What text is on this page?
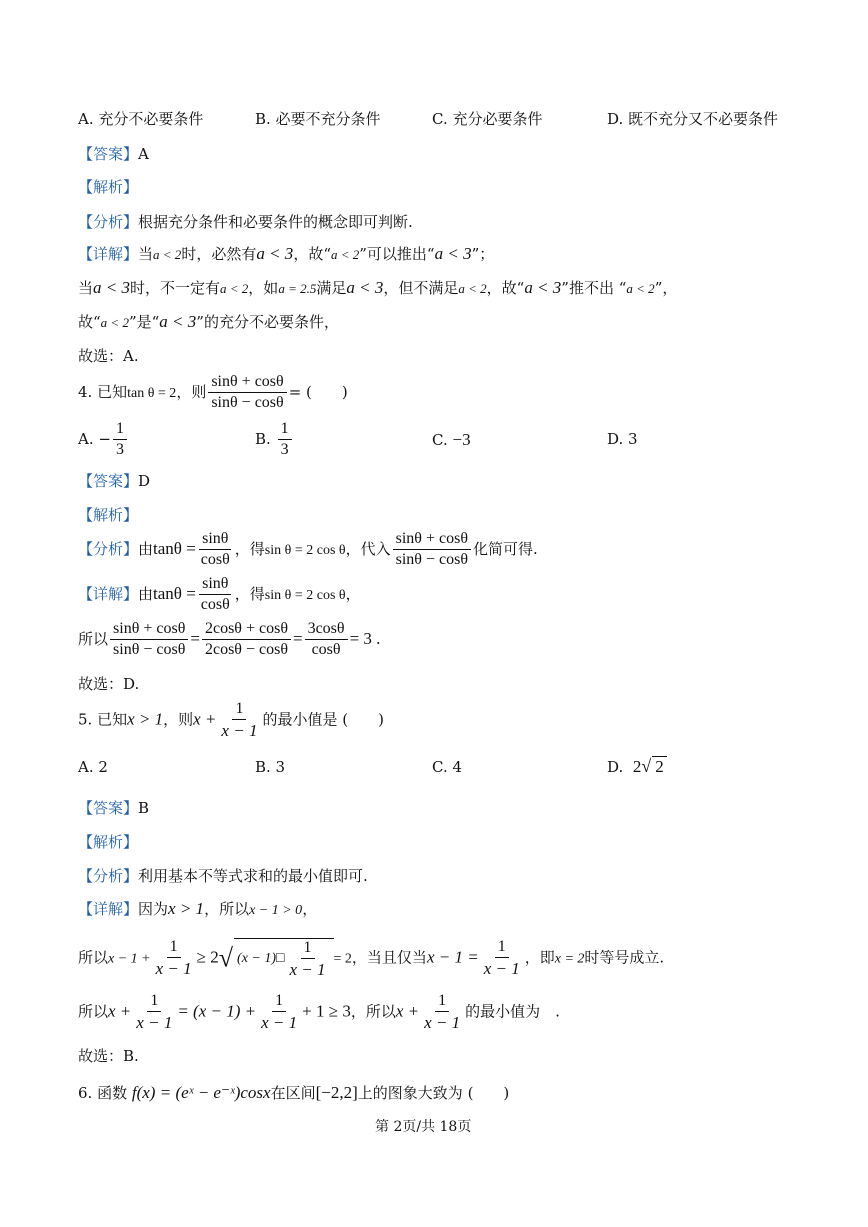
A. 充分不必要条件	B. 必要不充分条件	C. 充分必要条件	D. 既不充分又不必要条件
【答案】A
【解析】
【分析】根据充分条件和必要条件的概念即可判断.
【详解】当a < 2时，必然有a < 3，故“a < 2”可以推出“a < 3”；
当a < 3时，不一定有a < 2，如a = 2.5满足a < 3，但不满足a < 2，故“a < 3”推不出 “a < 2”，
故“a < 2”是“a < 3”的充分不必要条件，
故选：A.
4. 已知tan θ = 2，则 $\frac{\sin\theta + \cos\theta}{\sin\theta - \cos\theta}$ = (　　)
A. − $\frac{1}{3}$	B. $\frac{1}{3}$	C. −3	D. 3
【答案】D
【解析】
【分析】由$\tan\theta = \frac{\sin\theta}{\cos\theta}$ ，得sin θ = 2 cos θ，代入 $\frac{\sin\theta + \cos\theta}{\sin\theta - \cos\theta}$ 化简可得.
【详解】由$\tan\theta = \frac{\sin\theta}{\cos\theta}$ ，得sin θ = 2 cos θ，
所以 $\frac{\sin\theta + \cos\theta}{\sin\theta - \cos\theta} = \frac{2\cos\theta + \cos\theta}{2\cos\theta - \cos\theta} = \frac{3\cos\theta}{\cos\theta} = 3$ .
故选：D.
5. 已知x > 1，则$x + \frac{1}{x - 1}$ 的最小值是 (　　)
A. 2	B. 3	C. 4	D. 2√ 2
【答案】B
【解析】
【分析】利用基本不等式求和的最小值即可.
【详解】因为x > 1，所以x − 1 > 0，
所以$x - 1 + \frac{1}{x - 1} \ge 2√$ (x − 1)□ $\frac{1}{x - 1} = 2$，当且仅当$x - 1 = \frac{1}{x - 1}$ ，即x = 2时等号成立.
所以$x + \frac{1}{x - 1} = (x - 1) + \frac{1}{x - 1} + 1 \ge 3$，所以$x + \frac{1}{x - 1}$ 的最小值为　.
故选：B.
6. 函数 f(x) = (eˣ − e⁻ˣ)cosx在区间[−2,2]上的图象大致为 (　　)
第 2页/共 18页
